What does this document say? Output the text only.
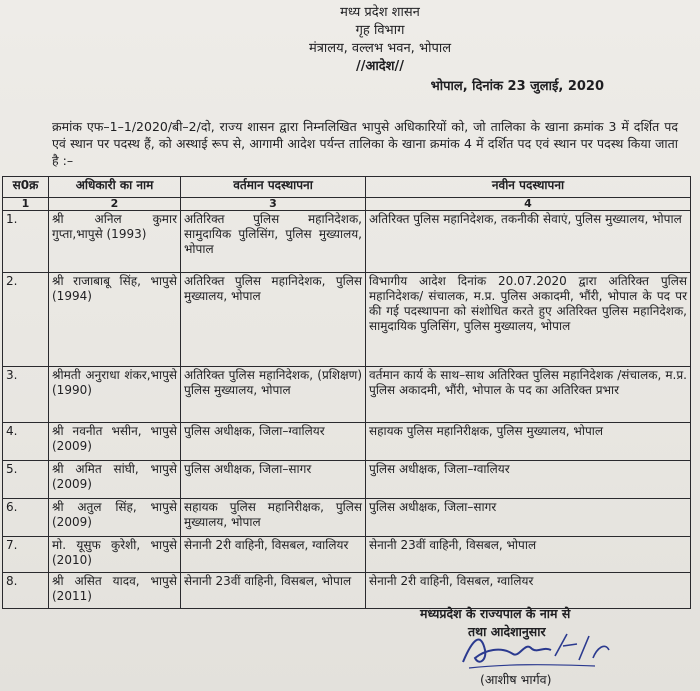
मध्य प्रदेश शासन
गृह विभाग
मंत्रालय, वल्लभ भवन, भोपाल
//आदेश//
भोपाल, दिनांक 23 जुलाई, 2020
क्रमांक एफ–1–1/2020/बी–2/दो, राज्य शासन द्वारा निम्नलिखित भापुसे अधिकारियों को, जो तालिका के खाना क्रमांक 3 में दर्शित पद एवं स्थान पर पदस्थ हैं, को अस्थाई रूप से, आगामी आदेश पर्यन्त तालिका के खाना क्रमांक 4 में दर्शित पद एवं स्थान पर पदस्थ किया जाता है :–
स0क्र	अधिकारी का नाम	वर्तमान पदस्थापना	नवीन पदस्थापना
1	2	3	4
1.	श्री अनिल कुमार गुप्ता,भापुसे (1993)	अतिरिक्त पुलिस महानिदेशक, सामुदायिक पुलिसिंग, पुलिस मुख्यालय, भोपाल	अतिरिक्त पुलिस महानिदेशक, तकनीकी सेवाएं, पुलिस मुख्यालय, भोपाल
2.	श्री राजाबाबू सिंह, भापुसे (1994)	अतिरिक्त पुलिस महानिदेशक, पुलिस मुख्यालय, भोपाल	विभागीय आदेश दिनांक 20.07.2020 द्वारा अतिरिक्त पुलिस महानिदेशक/ संचालक, म.प्र. पुलिस अकादमी, भौंरी, भोपाल के पद पर की गई पदस्थापना को संशोधित करते हुए अतिरिक्त पुलिस महानिदेशक, सामुदायिक पुलिसिंग, पुलिस मुख्यालय, भोपाल
3.	श्रीमती अनुराधा शंकर,भापुसे (1990)	अतिरिक्त पुलिस महानिदेशक, (प्रशिक्षण) पुलिस मुख्यालय, भोपाल	वर्तमान कार्य के साथ–साथ अतिरिक्त पुलिस महानिदेशक /संचालक, म.प्र. पुलिस अकादमी, भौंरी, भोपाल के पद का अतिरिक्त प्रभार
4.	श्री नवनीत भसीन, भापुसे (2009)	पुलिस अधीक्षक, जिला–ग्वालियर	सहायक पुलिस महानिरीक्षक, पुलिस मुख्यालय, भोपाल
5.	श्री अमित सांघी, भापुसे (2009)	पुलिस अधीक्षक, जिला–सागर	पुलिस अधीक्षक, जिला–ग्वालियर
6.	श्री अतुल सिंह, भापुसे (2009)	सहायक पुलिस महानिरीक्षक, पुलिस मुख्यालय, भोपाल	पुलिस अधीक्षक, जिला–सागर
7.	मो. यूसुफ कुरेशी, भापुसे (2010)	सेनानी 2री वाहिनी, विसबल, ग्वालियर	सेनानी 23वीं वाहिनी, विसबल, भोपाल
8.	श्री असित यादव, भापुसे (2011)	सेनानी 23वीं वाहिनी, विसबल, भोपाल	सेनानी 2री वाहिनी, विसबल, ग्वालियर
मध्यप्रदेश के राज्यपाल के नाम से
तथा आदेशानुसार
(आशीष भार्गव)
